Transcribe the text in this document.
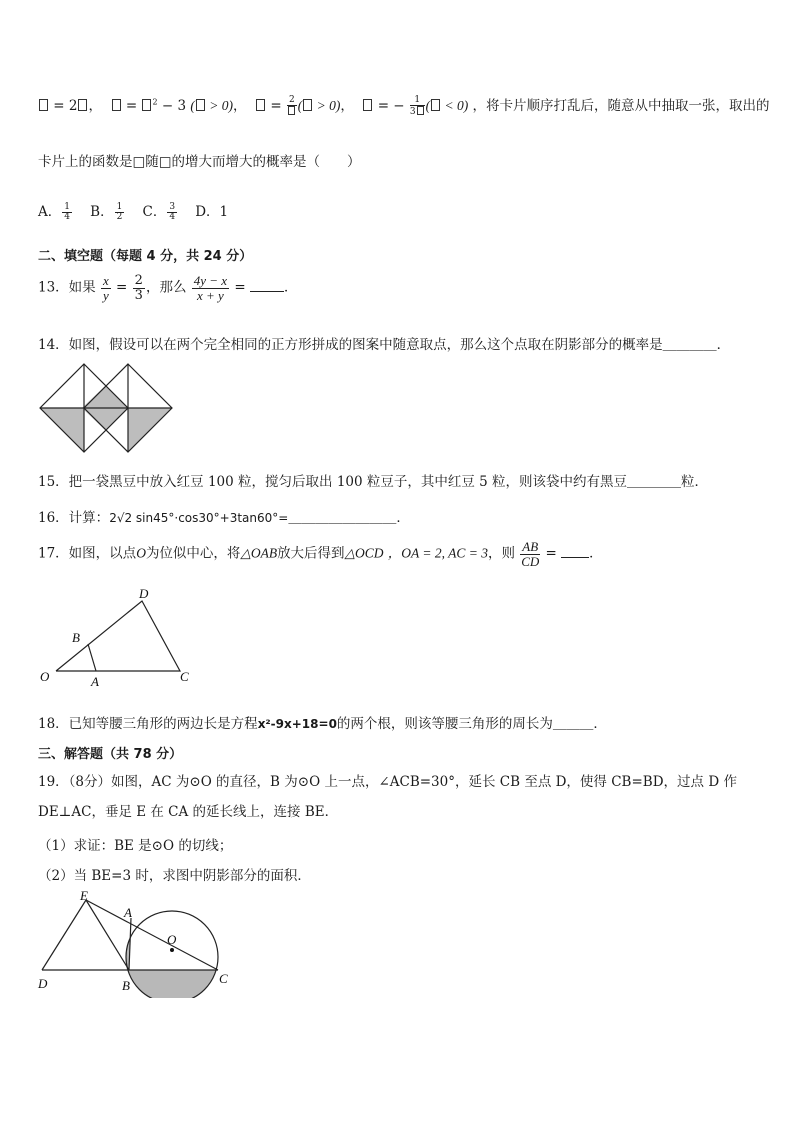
= 2 ，   = $^2$ − 3 ( > 0)，   = 2 ( > 0)，   = − $\frac{1}{3}$ ( < 0) ，将卡片顺序打乱后，随意从中抽取一张，取出的
卡片上的函数是□随□的增大而增大的概率是（　　）
A． $\frac{1}{4}$ B． $\frac{1}{2}$ C． $\frac{3}{4}$ D．1
二、填空题（每题 4 分，共 24 分）
13．如果 $\frac{x}{y} = \frac{2}{3}$ ，那么 $\frac{4y - x}{x + y}$ =	．
14．如图，假设可以在两个完全相同的正方形拼成的图案中随意取点，那么这个点取在阴影部分的概率是＿＿＿＿．
15．把一袋黑豆中放入红豆 100 粒，搅匀后取出 100 粒豆子，其中红豆 5 粒，则该袋中约有黑豆＿＿＿＿粒．
16．计算：2√2 sin45°·cos30°+3tan60°=＿＿＿＿＿＿＿＿．
17．如图，以点O为位似中心，将△OAB放大后得到△OCD ，OA = 2, AC = 3，则 $\frac{AB}{CD}$ = ．
D
B
O	A	C
18．已知等腰三角形的两边长是方程x²-9x+18=0的两个根，则该等腰三角形的周长为＿＿＿．
三、解答题（共 78 分）
19．（8分）如图，AC 为⊙O 的直径，B 为⊙O 上一点，∠ACB=30°，延长 CB 至点 D，使得 CB=BD，过点 D 作
DE⊥AC，垂足 E 在 CA 的延长线上，连接 BE．
（1）求证：BE 是⊙O 的切线；
（2）当 BE=3 时，求图中阴影部分的面积．
E
A
O
D	B	C
